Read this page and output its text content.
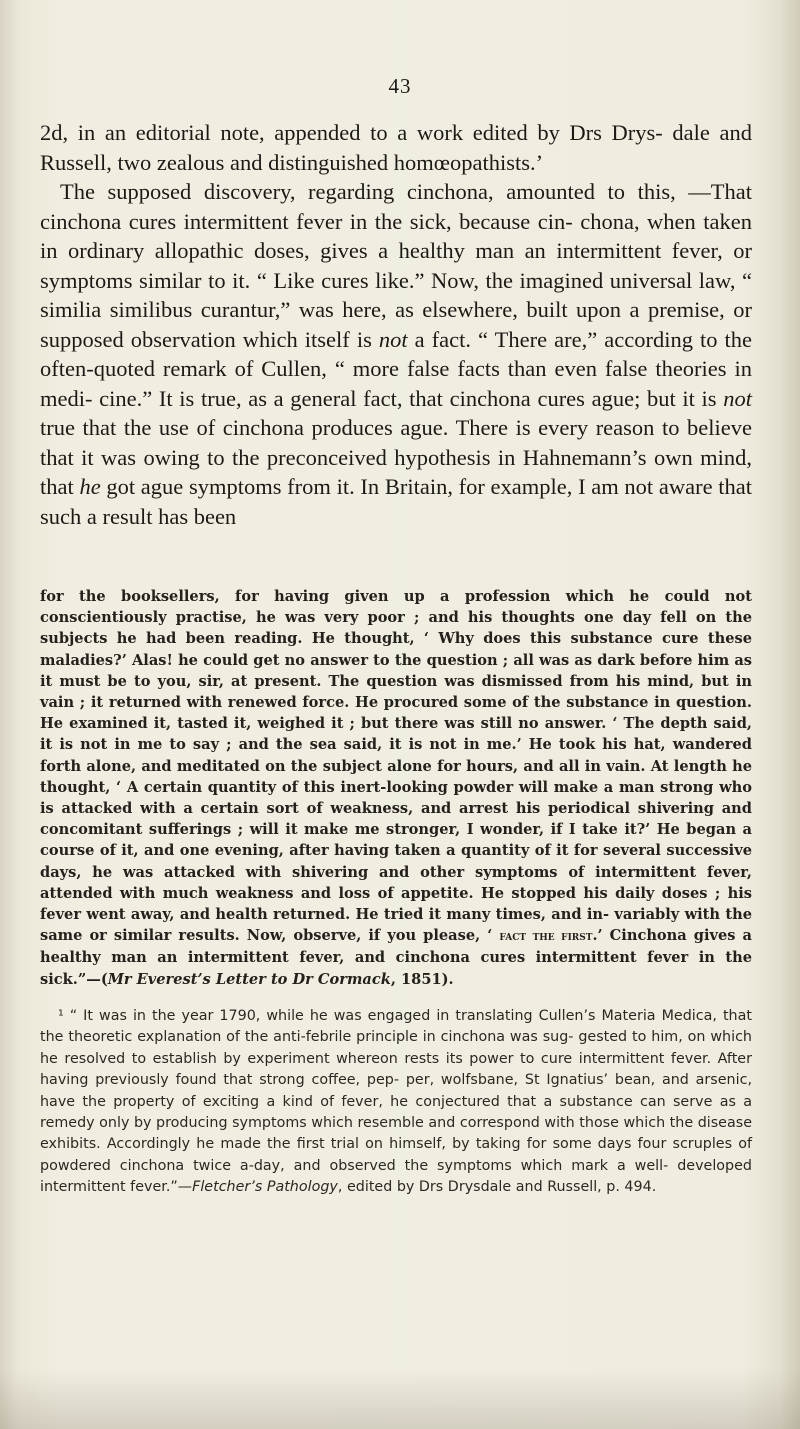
43

2d, in an editorial note, appended to a work edited by Drs Drys- dale and Russell, two zealous and distinguished homœopathists.’

The supposed discovery, regarding cinchona, amounted to this, —That cinchona cures intermittent fever in the sick, because cin- chona, when taken in ordinary allopathic doses, gives a healthy man an intermittent fever, or symptoms similar to it. “ Like cures like.” Now, the imagined universal law, “ similia similibus curantur,” was here, as elsewhere, built upon a premise, or supposed observation which itself is not a fact. “ There are,” according to the often-quoted remark of Cullen, “ more false facts than even false theories in medi- cine.” It is true, as a general fact, that cinchona cures ague; but it is not true that the use of cinchona produces ague. There is every reason to believe that it was owing to the preconceived hypothesis in Hahnemann’s own mind, that he got ague symptoms from it. In Britain, for example, I am not aware that such a result has been

for the booksellers, for having given up a profession which he could not conscientiously practise, he was very poor ; and his thoughts one day fell on the subjects he had been reading. He thought, ‘ Why does this substance cure these maladies?’ Alas! he could get no answer to the question ; all was as dark before him as it must be to you, sir, at present. The question was dismissed from his mind, but in vain ; it returned with renewed force. He procured some of the substance in question. He examined it, tasted it, weighed it ; but there was still no answer. ‘ The depth said, it is not in me to say ; and the sea said, it is not in me.’ He took his hat, wandered forth alone, and meditated on the subject alone for hours, and all in vain. At length he thought, ‘ A certain quantity of this inert-looking powder will make a man strong who is attacked with a certain sort of weakness, and arrest his periodical shivering and concomitant sufferings ; will it make me stronger, I wonder, if I take it?’ He began a course of it, and one evening, after having taken a quantity of it for several successive days, he was attacked with shivering and other symptoms of intermittent fever, attended with much weakness and loss of appetite. He stopped his daily doses ; his fever went away, and health returned. He tried it many times, and in- variably with the same or similar results. Now, observe, if you please, ‘ fact the first.’ Cinchona gives a healthy man an intermittent fever, and cinchona cures intermittent fever in the sick.”—(Mr Everest’s Letter to Dr Cormack, 1851).

¹ “ It was in the year 1790, while he was engaged in translating Cullen’s Materia Medica, that the theoretic explanation of the anti-febrile principle in cinchona was sug- gested to him, on which he resolved to establish by experiment whereon rests its power to cure intermittent fever. After having previously found that strong coffee, pep- per, wolfsbane, St Ignatius’ bean, and arsenic, have the property of exciting a kind of fever, he conjectured that a substance can serve as a remedy only by producing symptoms which resemble and correspond with those which the disease exhibits. Accordingly he made the first trial on himself, by taking for some days four scruples of powdered cinchona twice a-day, and observed the symptoms which mark a well- developed intermittent fever.”—Fletcher’s Pathology, edited by Drs Drysdale and Russell, p. 494.
